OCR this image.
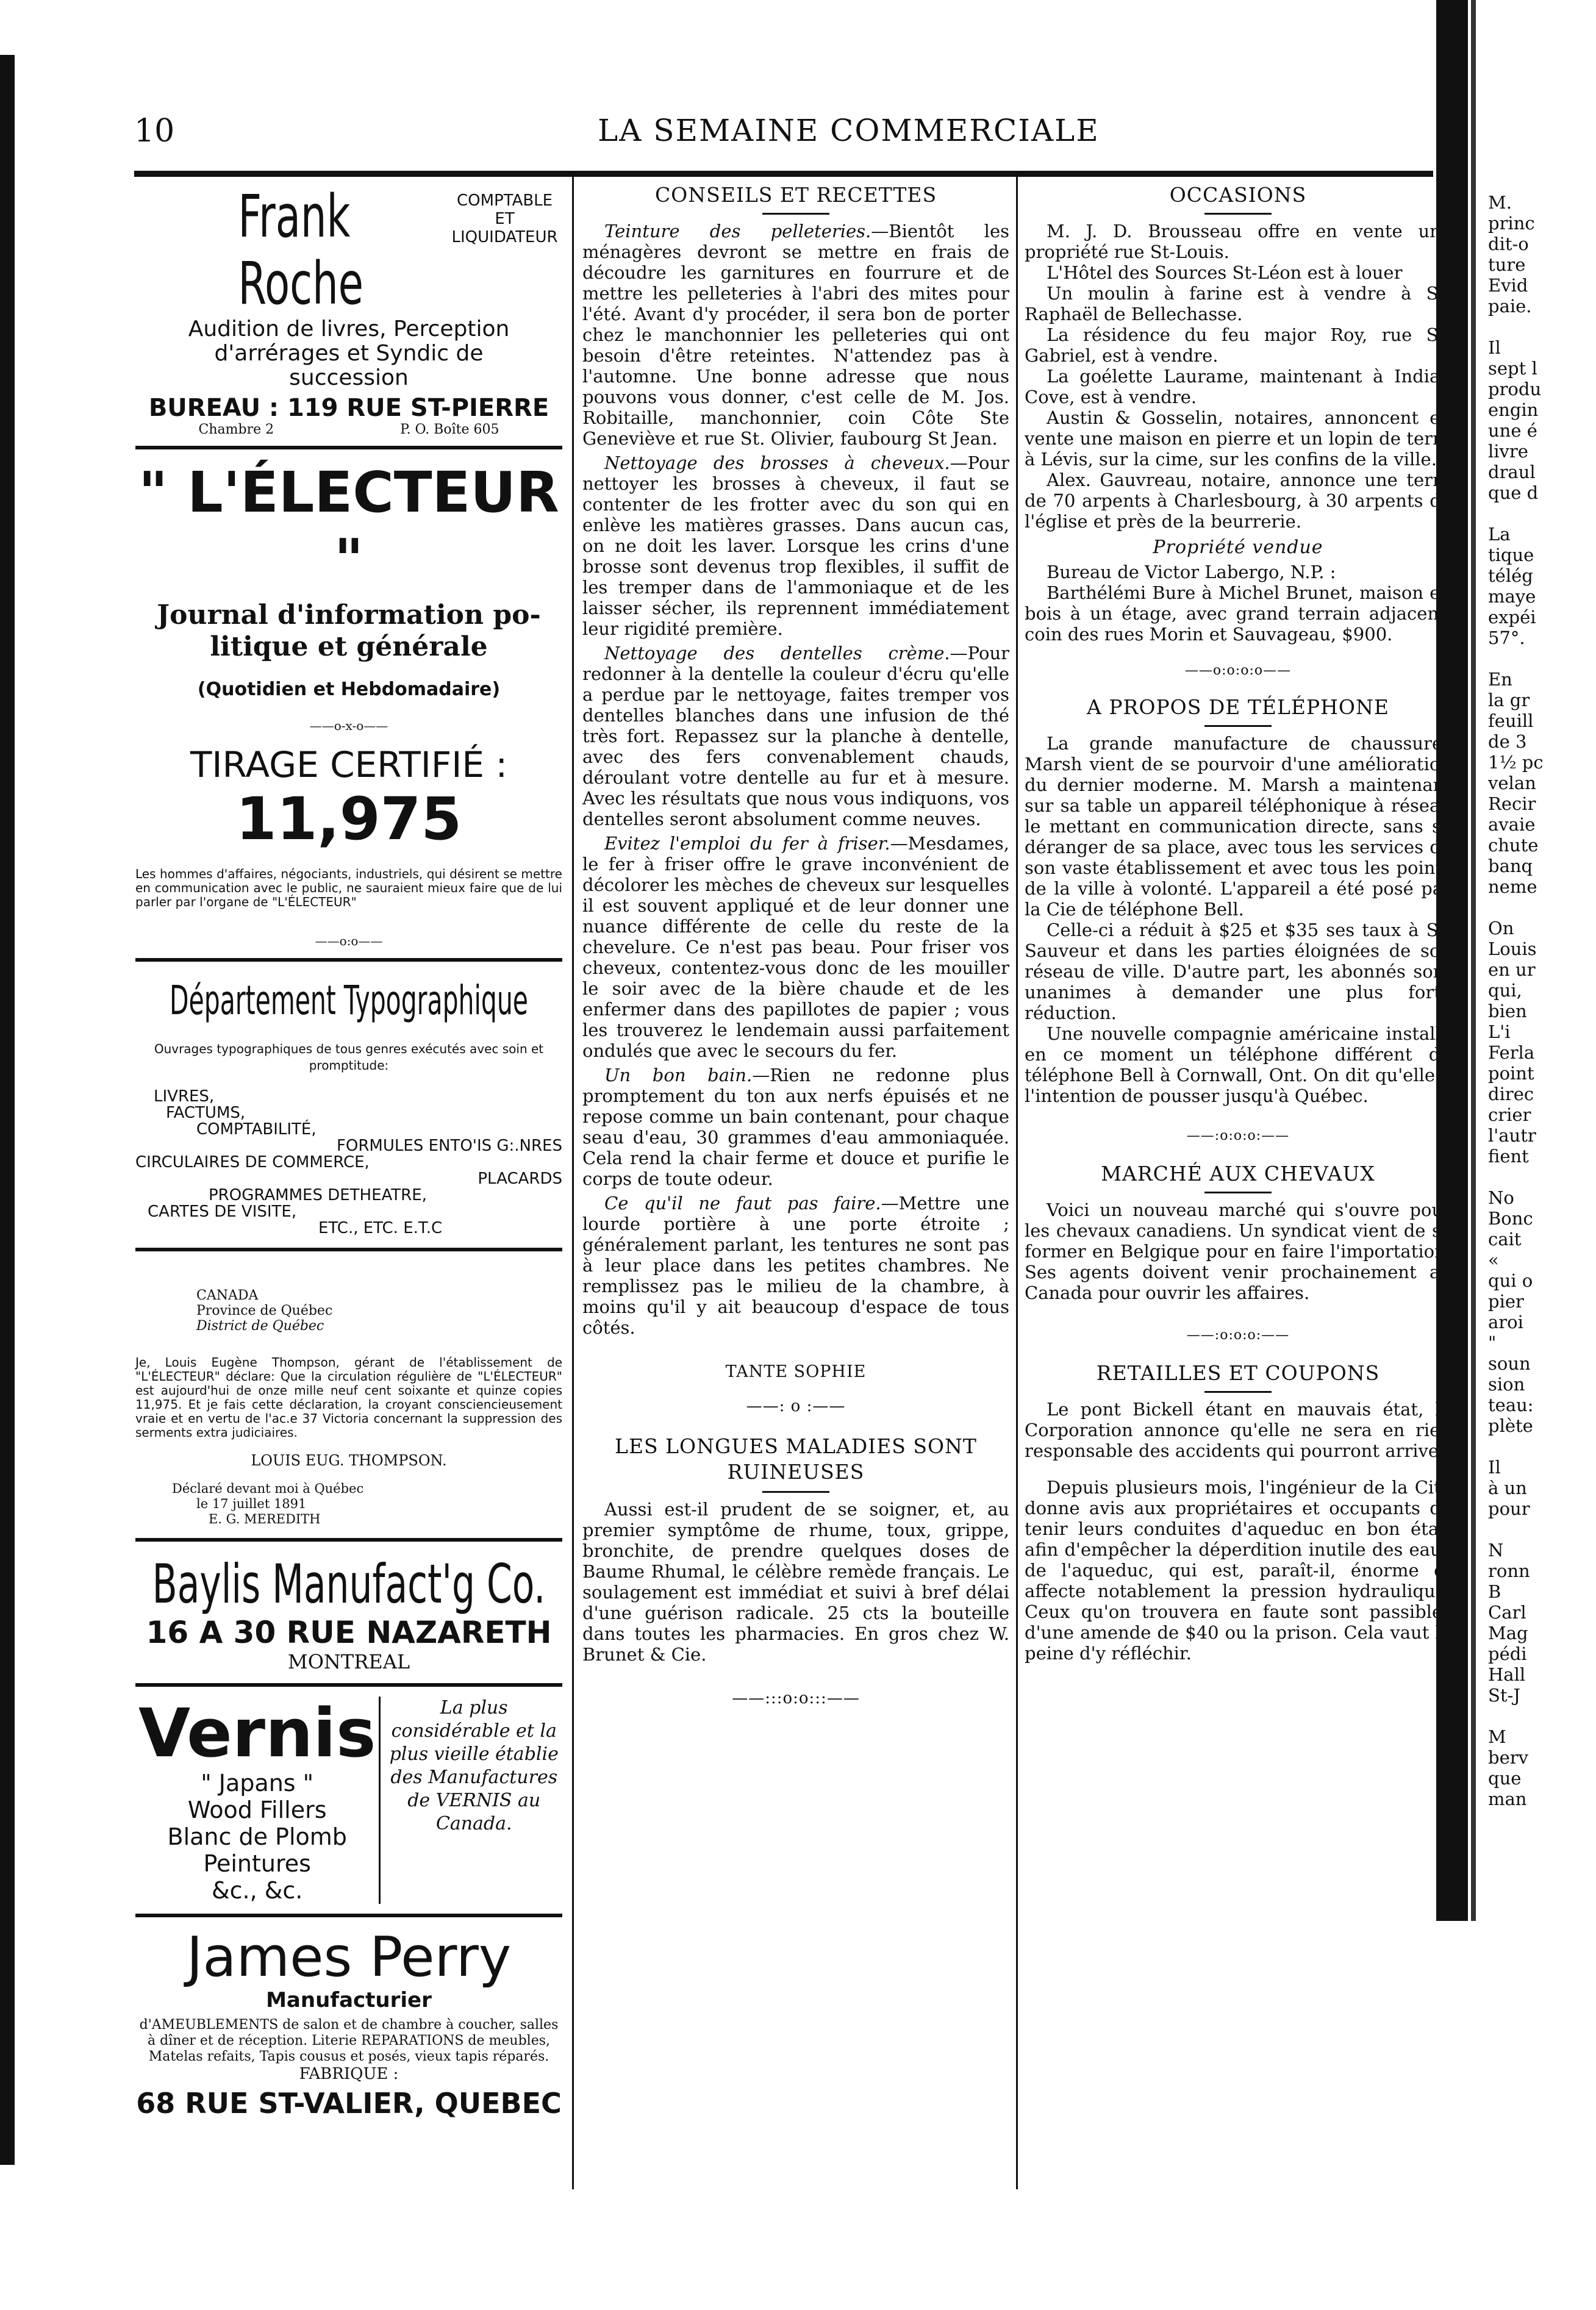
10	LA SEMAINE COMMERCIALE
Frank Roche
COMPTABLE ET
LIQUIDATEUR
Audition de livres, Perception
d'arrérages et Syndic de
succession
BUREAU : 119 RUE ST-PIERRE
Chambre 2	P. O. Boîte 605
" L'ÉLECTEUR "
Journal d'information po-
litique et générale
(Quotidien et Hebdomadaire)
——o-x-o——
TIRAGE CERTIFIÉ :
11,975
Les hommes d'affaires, négociants, industriels, qui désirent se mettre en communication avec le public, ne sauraient mieux faire que de lui parler par l'organe de "L'ÉLECTEUR"
——o:o——
Département Typographique
Ouvrages typographiques de tous genres exécutés avec soin et promptitude:
LIVRES,
FACTUMS,
COMPTABILITÉ,
FORMULES ENTO'IS G:.NRES
CIRCULAIRES DE COMMERCE,
PLACARDS
PROGRAMMES DETHEATRE,
CARTES DE VISITE,
ETC., ETC. E.T.C
CANADA
Province de Québec
District de Québec
Je, Louis Eugène Thompson, gérant de l'établissement de "L'ÉLECTEUR" déclare: Que la circulation régulière de "L'ÉLECTEUR" est aujourd'hui de onze mille neuf cent soixante et quinze copies 11,975. Et je fais cette déclaration, la croyant consciencieusement vraie et en vertu de l'ac.e 37 Victoria concernant la suppression des serments extra judiciaires.
LOUIS EUG. THOMPSON.
Déclaré devant moi à Québec
le 17 juillet 1891
E. G. MEREDITH
Baylis Manufact'g Co.
16 A 30 RUE NAZARETH
MONTREAL
Vernis
" Japans "
Wood Fillers
Blanc de Plomb
Peintures
&c., &c.
La plus considérable et la plus vieille établie des Manufactures de VERNIS au Canada.
James Perry
Manufacturier
d'AMEUBLEMENTS de salon et de chambre à coucher, salles à dîner et de réception. Literie REPARATIONS de meubles, Matelas refaits, Tapis cousus et posés, vieux tapis réparés.
FABRIQUE :
68 RUE ST-VALIER, QUEBEC

CONSEILS ET RECETTES

Teinture des pelleteries.—Bientôt les ménagères devront se mettre en frais de découdre les garnitures en fourrure et de mettre les pelleteries à l'abri des mites pour l'été. Avant d'y procéder, il sera bon de porter chez le manchonnier les pelleteries qui ont besoin d'être reteintes. N'attendez pas à l'automne. Une bonne adresse que nous pouvons vous donner, c'est celle de M. Jos. Robitaille, manchonnier, coin Côte Ste Geneviève et rue St. Olivier, faubourg St Jean.

Nettoyage des brosses à cheveux.—Pour nettoyer les brosses à cheveux, il faut se contenter de les frotter avec du son qui en enlève les matières grasses. Dans aucun cas, on ne doit les laver. Lorsque les crins d'une brosse sont devenus trop flexibles, il suffit de les tremper dans de l'ammoniaque et de les laisser sécher, ils reprennent immédiatement leur rigidité première.

Nettoyage des dentelles crème.—Pour redonner à la dentelle la couleur d'écru qu'elle a perdue par le nettoyage, faites tremper vos dentelles blanches dans une infusion de thé très fort. Repassez sur la planche à dentelle, avec des fers convenablement chauds, déroulant votre dentelle au fur et à mesure. Avec les résultats que nous vous indiquons, vos dentelles seront absolument comme neuves.

Evitez l'emploi du fer à friser.—Mesdames, le fer à friser offre le grave inconvénient de décolorer les mèches de cheveux sur lesquelles il est souvent appliqué et de leur donner une nuance différente de celle du reste de la chevelure. Ce n'est pas beau. Pour friser vos cheveux, contentez-vous donc de les mouiller le soir avec de la bière chaude et de les enfermer dans des papillotes de papier ; vous les trouverez le lendemain aussi parfaitement ondulés que avec le secours du fer.

Un bon bain.—Rien ne redonne plus promptement du ton aux nerfs épuisés et ne repose comme un bain contenant, pour chaque seau d'eau, 30 grammes d'eau ammoniaquée. Cela rend la chair ferme et douce et purifie le corps de toute odeur.

Ce qu'il ne faut pas faire.—Mettre une lourde portière à une porte étroite ; généralement parlant, les tentures ne sont pas à leur place dans les petites chambres. Ne remplissez pas le milieu de la chambre, à moins qu'il y ait beaucoup d'espace de tous côtés.

TANTE SOPHIE

——: o :——

LES LONGUES MALADIES SONT RUINEUSES

Aussi est-il prudent de se soigner, et, au premier symptôme de rhume, toux, grippe, bronchite, de prendre quelques doses de Baume Rhumal, le célèbre remède français. Le soulagement est immédiat et suivi à bref délai d'une guérison radicale. 25 cts la bouteille dans toutes les pharmacies. En gros chez W. Brunet & Cie.

——:::o:o:::——

OCCASIONS

M. J. D. Brousseau offre en vente une propriété rue St-Louis.

L'Hôtel des Sources St-Léon est à louer

Un moulin à farine est à vendre à St-Raphaël de Bellechasse.

La résidence du feu major Roy, rue St-Gabriel, est à vendre.

La goélette Laurame, maintenant à Indian Cove, est à vendre.

Austin & Gosselin, notaires, annoncent en vente une maison en pierre et un lopin de terre à Lévis, sur la cime, sur les confins de la ville.

Alex. Gauvreau, notaire, annonce une terre de 70 arpents à Charlesbourg, à 30 arpents de l'église et près de la beurrerie.

Propriété vendue

Bureau de Victor Labergo, N.P. :

Barthélémi Bure à Michel Brunet, maison en bois à un étage, avec grand terrain adjacent, coin des rues Morin et Sauvageau, $900.

——o:o:o:o——

A PROPOS DE TÉLÉPHONE

La grande manufacture de chaussures Marsh vient de se pourvoir d'une amélioration du dernier moderne. M. Marsh a maintenant sur sa table un appareil téléphonique à réseau le mettant en communication directe, sans se déranger de sa place, avec tous les services de son vaste établissement et avec tous les points de la ville à volonté. L'appareil a été posé par la Cie de téléphone Bell.

Celle-ci a réduit à $25 et $35 ses taux à St-Sauveur et dans les parties éloignées de son réseau de ville. D'autre part, les abonnés sont unanimes à demander une plus forte réduction.

Une nouvelle compagnie américaine installe en ce moment un téléphone différent du téléphone Bell à Cornwall, Ont. On dit qu'elle a l'intention de pousser jusqu'à Québec.

——:o:o:o:——

MARCHÉ AUX CHEVAUX

Voici un nouveau marché qui s'ouvre pour les chevaux canadiens. Un syndicat vient de se former en Belgique pour en faire l'importation. Ses agents doivent venir prochainement au Canada pour ouvrir les affaires.

——:o:o:o:——

RETAILLES ET COUPONS

Le pont Bickell étant en mauvais état, la Corporation annonce qu'elle ne sera en rien responsable des accidents qui pourront arriver.

Depuis plusieurs mois, l'ingénieur de la Cité donne avis aux propriétaires et occupants de tenir leurs conduites d'aqueduc en bon état, afin d'empêcher la déperdition inutile des eaux de l'aqueduc, qui est, paraît-il, énorme et affecte notablement la pression hydraulique. Ceux qu'on trouvera en faute sont passibles d'une amende de $40 ou la prison. Cela vaut la peine d'y réfléchir.

M.

princ

dit-o

ture

Evid

paie.

Il

sept l

produ

engin

une é

livre

draul

que d

La

tique

télég

maye

expéi

57°.

En

la gr

feuill

de 3

1½ pc

velan

Recir

avaie

chute

banq

neme

On

Louis

en ur

qui,

bien

L'i

Ferla

point

direc

crier

l'autr

fient

No

Bonc

cait

«

qui o

pier

aroi

"

soun

sion

teau:

plète

Il

à un

pour

N

ronn

B

Carl

Mag

pédi

Hall

St-J

M

berv

que

man
